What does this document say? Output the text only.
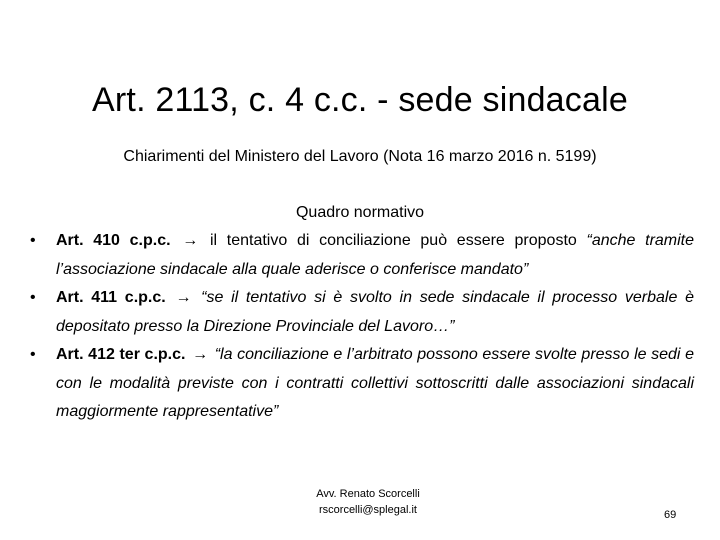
Art. 2113, c. 4 c.c. - sede sindacale

Chiarimenti del Ministero del Lavoro (Nota 16 marzo 2016 n. 5199)

Quadro normativo

• Art. 410 c.p.c. → il tentativo di conciliazione può essere proposto “anche tramite l’associazione sindacale alla quale aderisce o conferisce mandato”
• Art. 411 c.p.c. → “se il tentativo si è svolto in sede sindacale il processo verbale è depositato presso la Direzione Provinciale del Lavoro…”
• Art. 412 ter c.p.c. → “la conciliazione e l’arbitrato possono essere svolte presso le sedi e con le modalità previste con i contratti collettivi sottoscritti dalle associazioni sindacali maggiormente rappresentative”
Avv. Renato Scorcelli
rscorcelli@splegal.it	69
